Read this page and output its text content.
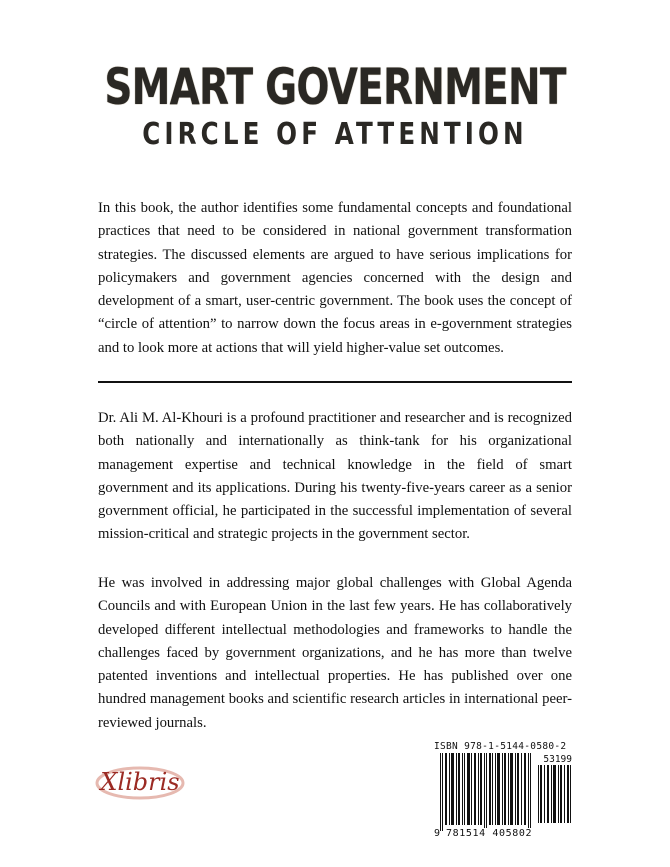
SMART GOVERNMENT
CIRCLE OF ATTENTION
In this book, the author identifies some fundamental concepts and foundational practices that need to be considered in national government transformation strategies. The discussed elements are argued to have serious implications for policymakers and government agencies concerned with the design and development of a smart, user-centric government. The book uses the concept of “circle of attention” to narrow down the focus areas in e-government strategies and to look more at actions that will yield higher-value set outcomes.
Dr. Ali M. Al-Khouri is a profound practitioner and researcher and is recognized both nationally and internationally as think-tank for his organizational management expertise and technical knowledge in the field of smart government and its applications. During his twenty-five-years career as a senior government official, he participated in the successful implementation of several mission-critical and strategic projects in the government sector.
He was involved in addressing major global challenges with Global Agenda Councils and with European Union in the last few years. He has collaboratively developed different intellectual methodologies and frameworks to handle the challenges faced by government organizations, and he has more than twelve patented inventions and intellectual properties. He has published over one hundred management books and scientific research articles in international peer-reviewed journals.
Xlibris
ISBN 978-1-5144-0580-2
53199
9 781514 405802
